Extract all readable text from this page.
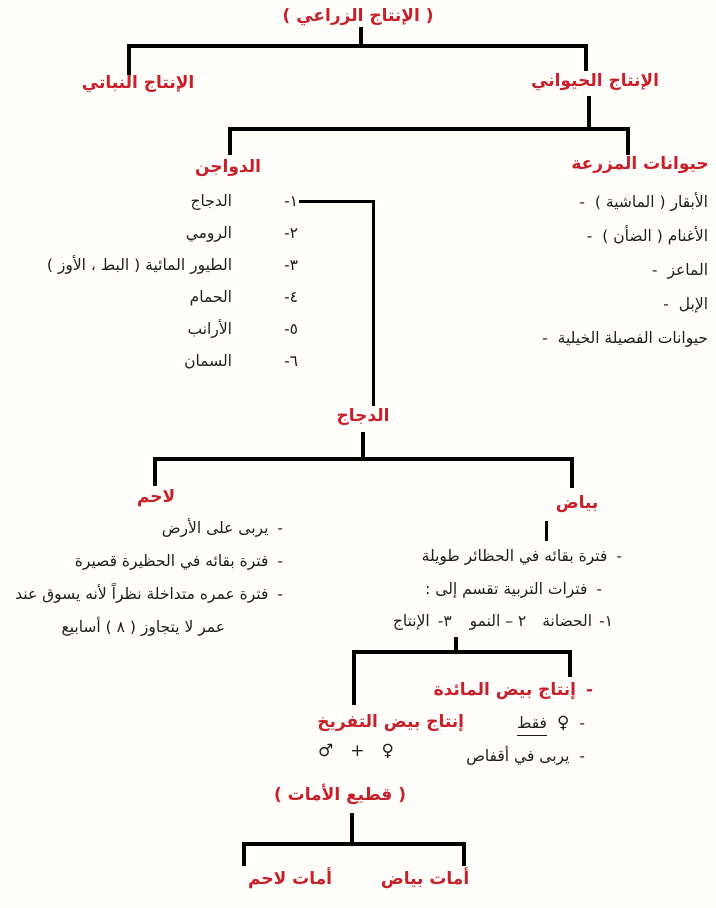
( الإنتاج الزراعي )
الإنتاج النباتي	الإنتاج الحيواني
الدواجن	حيوانات المزرعة
١-
الدجاج
٢-
الرومي
٣-
الطيور المائية ( البط ، الأوز )
٤-
الحمام
٥-
الأرانب
٦-
السمان
- الأبقار ( الماشية )
- الأغنام ( الضأن )
- الماعز
- الإبل
- حيوانات الفصيلة الخيلية
الدجاج
لاحم	بياض
-
يربى على الأرض
-
فترة بقائه في الحظيرة قصيرة
-
فترة عمره متداخلة نظراً لأنه يسوق عند
عمر لا يتجاوز ( ٨ ) أسابيع
-
فترة بقائه في الحظائر طويلة
-
فترات التربية تقسم إلى :
١-
الحضانة
٢ – النمو
٣-
الإنتاج
-
إنتاج بيض المائدة
-
♀
فقط
-
يربى في أقفاص
إنتاج بيض التفريخ
♀
+
♂
( قطيع الأمات )
أمات لاحم	أمات بياض
